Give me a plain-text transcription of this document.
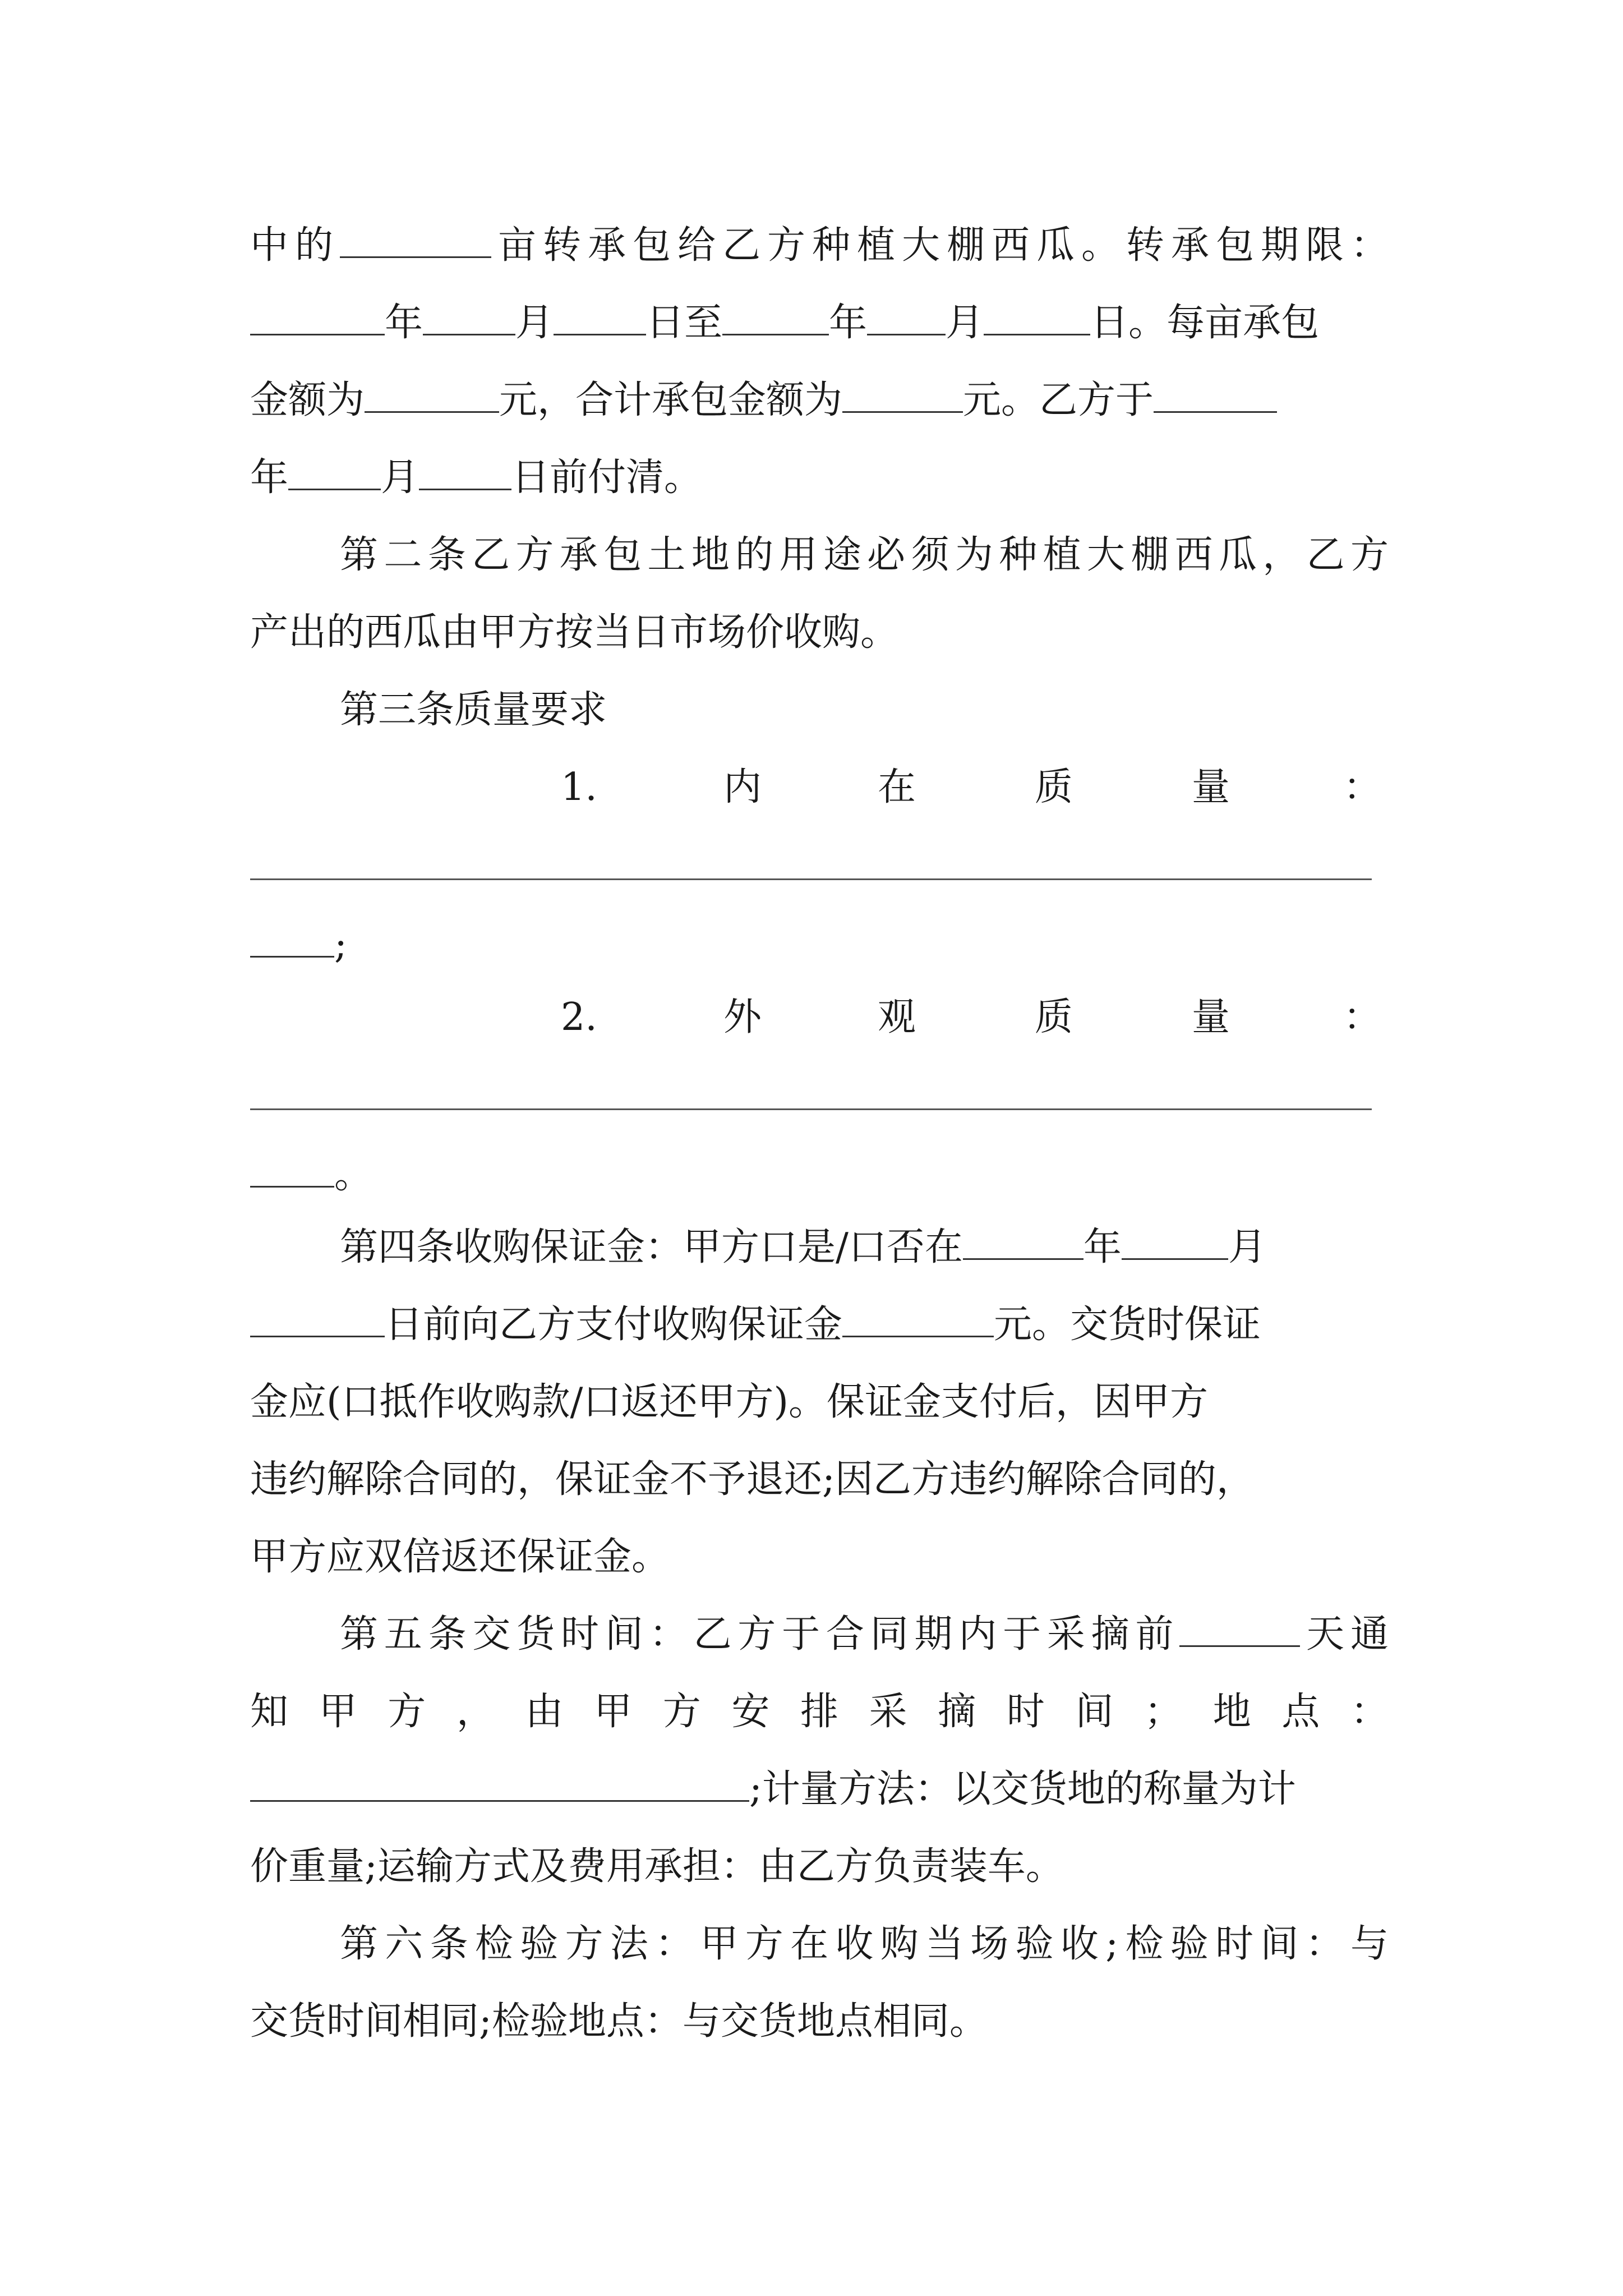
中的	亩转承包给乙方种植大棚西瓜。转承包期限：
年 月 日至	年 月	日。每亩承包
金额为	元，合计承包金额为	元。乙方于
年 月 日前付清。
第二条乙方承包土地的用途必须为种植大棚西瓜，乙方
产出的西瓜由甲方按当日市场价收购。
第三条质量要求
1.	内	在	质	量	：
;
2.	外	观	质	量	：
。
第四条收购保证金：甲方口是/口否在	年	月
日前向乙方支付收购保证金	元。交货时保证
金应(口抵作收购款/口返还甲方)。保证金支付后，因甲方
违约解除合同的，保证金不予退还;因乙方违约解除合同的，
甲方应双倍返还保证金。
第五条交货时间：乙方于合同期内于采摘前	天通
知甲方，由甲方安排采摘时间；地点：
;计量方法：以交货地的称量为计
价重量;运输方式及费用承担：由乙方负责装车。
第六条检验方法：甲方在收购当场验收;检验时间：与
交货时间相同;检验地点：与交货地点相同。
